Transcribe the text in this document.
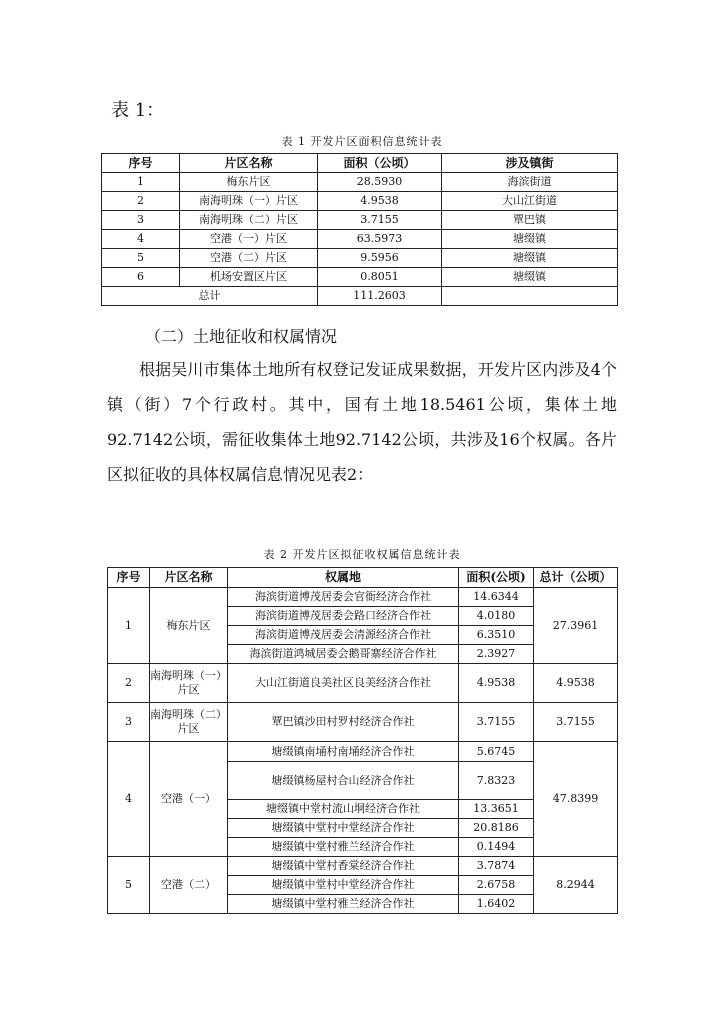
表 1：
表 1 开发片区面积信息统计表
序号	片区名称	面积（公顷）	涉及镇街
1	梅东片区	28.5930	海滨街道
2	南海明珠（一）片区	4.9538	大山江街道
3	南海明珠（二）片区	3.7155	覃巴镇
4	空港（一）片区	63.5973	塘缀镇
5	空港（二）片区	9.5956	塘缀镇
6	机场安置区片区	0.8051	塘缀镇
总计		111.2603	
（二）土地征收和权属情况

根据吴川市集体土地所有权登记发证成果数据，开发片区内涉及4个镇（街）7个行政村。其中，国有土地18.5461公顷，集体土地92.7142公顷，需征收集体土地92.7142公顷，共涉及16个权属。各片区拟征收的具体权属信息情况见表2：

表 2 开发片区拟征收权属信息统计表
序号	片区名称	权属地	面积(公顷)	总计（公顷）
1	梅东片区	海滨街道博茂居委会官衙经济合作社	14.6344	27.3961
		海滨街道博茂居委会路口经济合作社	4.0180	
		海滨街道博茂居委会清源经济合作社	6.3510	
		海滨街道鸿城居委会鹅哥寨经济合作社	2.3927	
2	南海明珠（一）片区	大山江街道良美社区良美经济合作社	4.9538	4.9538
3	南海明珠（二）片区	覃巴镇沙田村罗村经济合作社	3.7155	3.7155
4	空港（一）	塘缀镇南埇村南埇经济合作社	5.6745	47.8399
		塘缀镇杨屋村合山经济合作社	7.8323	
		塘缀镇中堂村流山垌经济合作社	13.3651	
		塘缀镇中堂村中堂经济合作社	20.8186	
		塘缀镇中堂村雅兰经济合作社	0.1494	
5	空港（二）	塘缀镇中堂村香棠经济合作社	3.7874	8.2944
		塘缀镇中堂村中堂经济合作社	2.6758	
		塘缀镇中堂村雅兰经济合作社	1.6402	
